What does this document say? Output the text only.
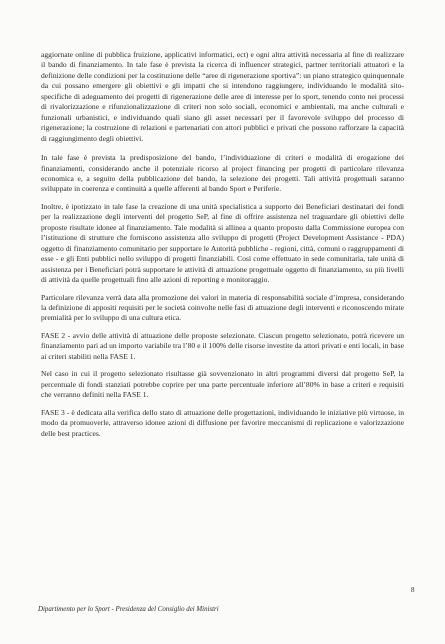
aggiornate online di pubblica fruizione, applicativi informatici, ect) e ogni altra attività necessaria al fine di realizzare il bando di finanziamento. In tale fase è prevista la ricerca di influencer strategici, partner territoriali attuatori e la definizione delle condizioni per la costituzione delle “aree di rigenerazione sportiva”: un piano strategico quinquennale da cui possano emergere gli obiettivi e gli impatti che si intendono raggiungere, individuando le modalità sito-specifiche di adeguamento dei progetti di rigenerazione delle aree di interesse per lo sport, tenendo conto nei processi di rivalorizzazione e rifunzionalizzazione di criteri non solo sociali, economici e ambientali, ma anche culturali e funzionali urbanistici, e individuando quali siano gli asset necessari per il favorevole sviluppo del processo di rigenerazione; la costruzione di relazioni e partenariati con attori pubblici e privati che possono rafforzare la capacità di raggiungimento degli obiettivi.

In tale fase è prevista la predisposizione del bando, l’individuazione di criteri e modalità di erogazione dei finanziamenti, considerando anche il potenziale ricorso al project financing per progetti di particolare rilevanza economica e, a seguito della pubblicazione del bando, la selezione dei progetti. Tali attività progettuali saranno sviluppate in coerenza e continuità a quelle afferenti al bando Sport e Periferie.

Inoltre, è ipotizzato in tale fase la creazione di una unità specialistica a supporto dei Beneficiari destinatari dei fondi per la realizzazione degli interventi del progetto SeP, al fine di offrire assistenza nel traguardare gli obiettivi delle proposte risultate idonee al finanziamento. Tale modalità si allinea a quanto proposto dalla Commissione europea con l’istituzione di strutture che forniscono assistenza allo sviluppo di progetti (Project Development Assistance - PDA) oggetto di finanziamento comunitario per supportare le Autorità pubbliche - regioni, città, comuni o raggruppamenti di esse - e gli Enti pubblici nello sviluppo di progetti finanziabili. Così come effettuato in sede comunitaria, tale unità di assistenza per i Beneficiari potrà supportare le attività di attuazione progettuale oggetto di finanziamento, su più livelli di attività da quelle progettuali fino alle azioni di reporting e monitoraggio.

Particolare rilevanza verrà data alla promozione dei valori in materia di responsabilità sociale d’impresa, considerando la definizione di appositi requisiti per le società coinvolte nelle fasi di attuazione degli interventi e riconoscendo mirate premialità per lo sviluppo di una cultura etica.

FASE 2 - avvio delle attività di attuazione delle proposte selezionate. Ciascun progetto selezionato, potrà ricevere un finanziamento pari ad un importo variabile tra l’80 e il 100% delle risorse investite da attori privati e enti locali, in base ai criteri stabiliti nella FASE 1.

Nel caso in cui il progetto selezionato risultasse già sovvenzionato in altri programmi diversi dal progetto SeP, la percentuale di fondi stanziati potrebbe coprire per una parte percentuale inferiore all’80% in base a criteri e requisiti che verranno definiti nella FASE 1.

FASE 3 - è dedicata alla verifica dello stato di attuazione delle progettazioni, individuando le iniziative più virtuose, in modo da promuoverle, attraverso idonee azioni di diffusione per favorire meccanismi di replicazione e valorizzazione delle best practices.

8
Dipartimento per lo Sport - Presidenza del Consiglio dei Ministri
